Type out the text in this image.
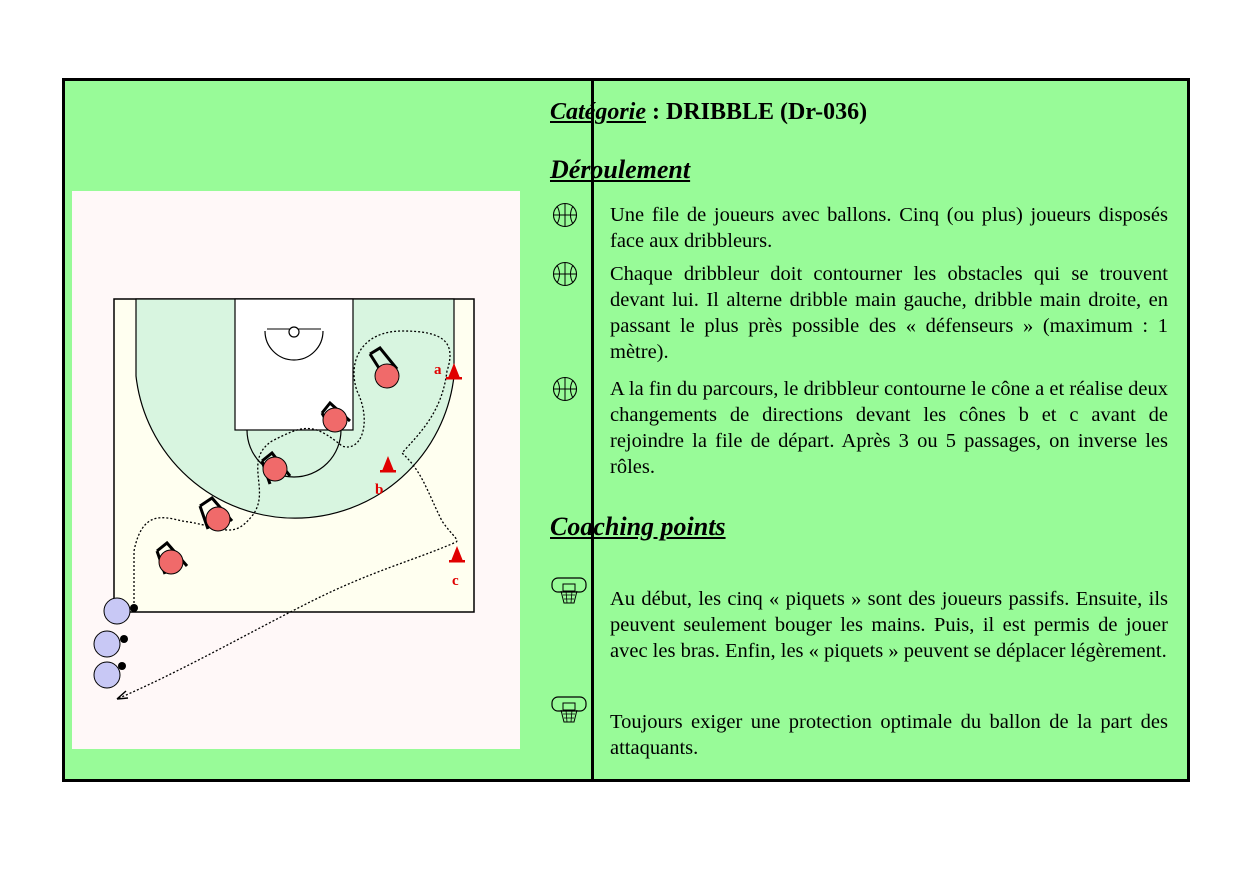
a
b
c
Catégorie : DRIBBLE (Dr-036)
Déroulement
Une file de joueurs avec ballons. Cinq (ou plus) joueurs disposés face aux dribbleurs.
Chaque dribbleur doit contourner les obstacles qui se trouvent devant lui. Il alterne dribble main gauche, dribble main droite, en passant le plus près possible des « défenseurs » (maximum : 1 mètre).
A la fin du parcours, le dribbleur contourne le cône a et réalise deux changements de directions devant les cônes b et c avant de rejoindre la file de départ. Après 3 ou 5 passages, on inverse les rôles.
Coaching points
Au début, les cinq « piquets » sont des joueurs passifs. Ensuite, ils peuvent seulement bouger les mains. Puis, il est permis de jouer avec les bras. Enfin, les « piquets » peuvent se déplacer légèrement.
Toujours exiger une protection optimale du ballon de la part des attaquants.
